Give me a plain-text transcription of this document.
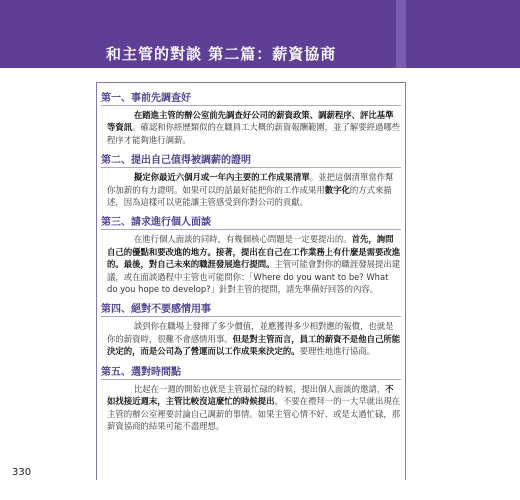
和主管的對談 第二篇：薪資協商
第一、事前先調查好

在踏進主管的辦公室前先調查好公司的薪資政策、調薪程序、評比基準等資訊。確認和你經歷類似的在職員工大概的薪資報酬範圍，並了解要經過哪些程序才能夠進行調薪。

第二、提出自己值得被調薪的證明

擬定你最近六個月或一年內主要的工作成果清單。並把這個清單當作幫你加薪的有力證明。如果可以的話最好能把你的工作成果用數字化的方式來描述，因為這樣可以更能讓主管感受到你對公司的貢獻。

第三、請求進行個人面談

在進行個人面談的同時，有幾個核心問題是一定要提出的。首先，詢問自己的優點和要改進的地方。接著，提出在自己在工作業務上有什麼是需要改進的。最後，對自己未來的職涯發展進行提問。主管可能會對你的職涯發展提出建議，或在面談過程中主管也可能問你：「Where do you want to be? What do you hope to develop?」針對主管的提問，請先準備好回答的內容。

第四、絕對不要感情用事

談到你在職場上發揮了多少價值，並應獲得多少相對應的報償，也就是你的薪資時，很難不會感情用事。但是對主管而言，員工的薪資不是他自己所能決定的，而是公司為了營運而以工作成果來決定的。要理性地進行協商。

第五、選對時間點

比起在一週的開始也就是主管最忙碌的時候，提出個人面談的邀請，不如找接近週末，主管比較沒這麼忙的時候提出。不要在禮拜一的一大早就出現在主管的辦公室裡要討論自己調薪的事情。如果主管心情不好、或是太過忙碌，那薪資協商的結果可能不盡理想。

330
